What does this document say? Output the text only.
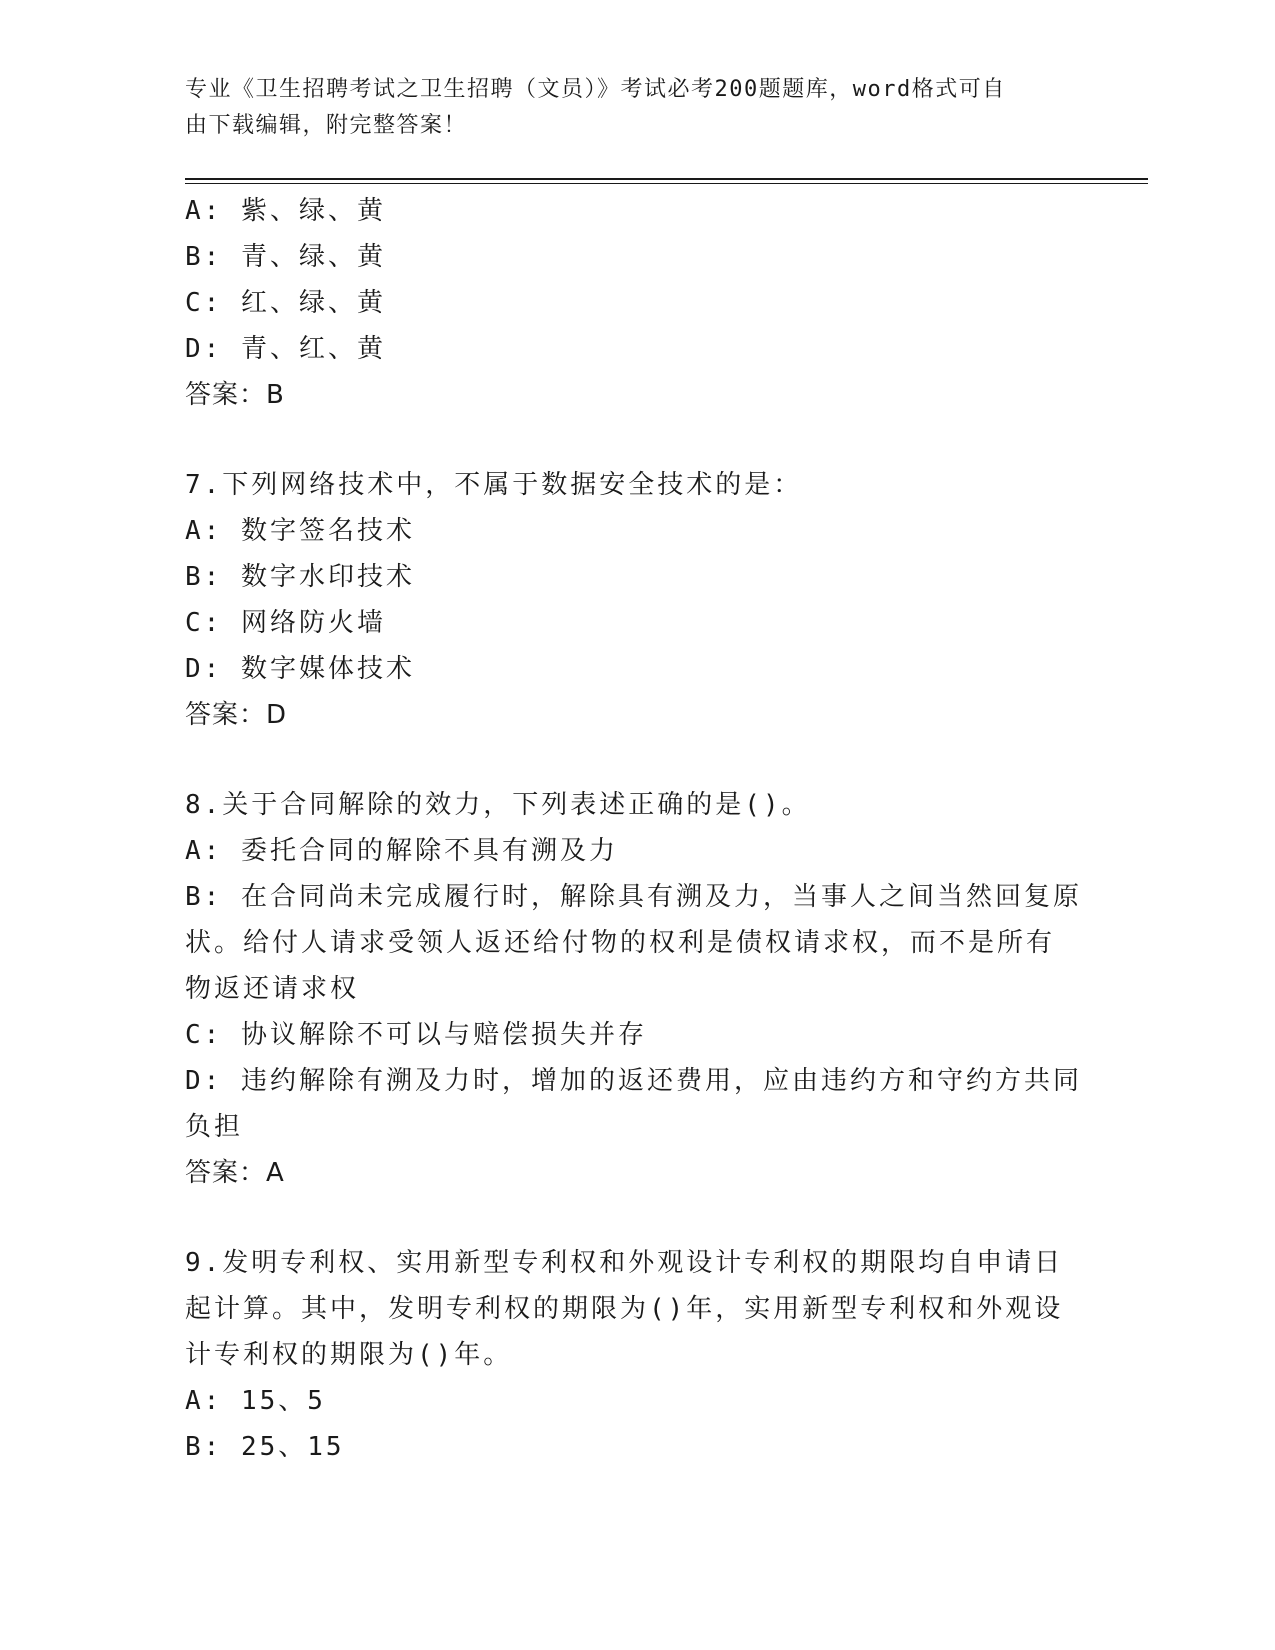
专业《卫生招聘考试之卫生招聘（文员）》考试必考200题题库，word格式可自
由下载编辑，附完整答案！

A: 紫、绿、黄

B: 青、绿、黄

C: 红、绿、黄

D: 青、红、黄

答案：B

7.下列网络技术中，不属于数据安全技术的是：

A: 数字签名技术

B: 数字水印技术

C: 网络防火墙

D: 数字媒体技术

答案：D

8.关于合同解除的效力，下列表述正确的是()。

A: 委托合同的解除不具有溯及力

B: 在合同尚未完成履行时，解除具有溯及力，当事人之间当然回复原

状。给付人请求受领人返还给付物的权利是债权请求权，而不是所有

物返还请求权

C: 协议解除不可以与赔偿损失并存

D: 违约解除有溯及力时，增加的返还费用，应由违约方和守约方共同

负担

答案：A

9.发明专利权、实用新型专利权和外观设计专利权的期限均自申请日

起计算。其中，发明专利权的期限为()年，实用新型专利权和外观设

计专利权的期限为()年。

A: 15、5

B: 25、15
